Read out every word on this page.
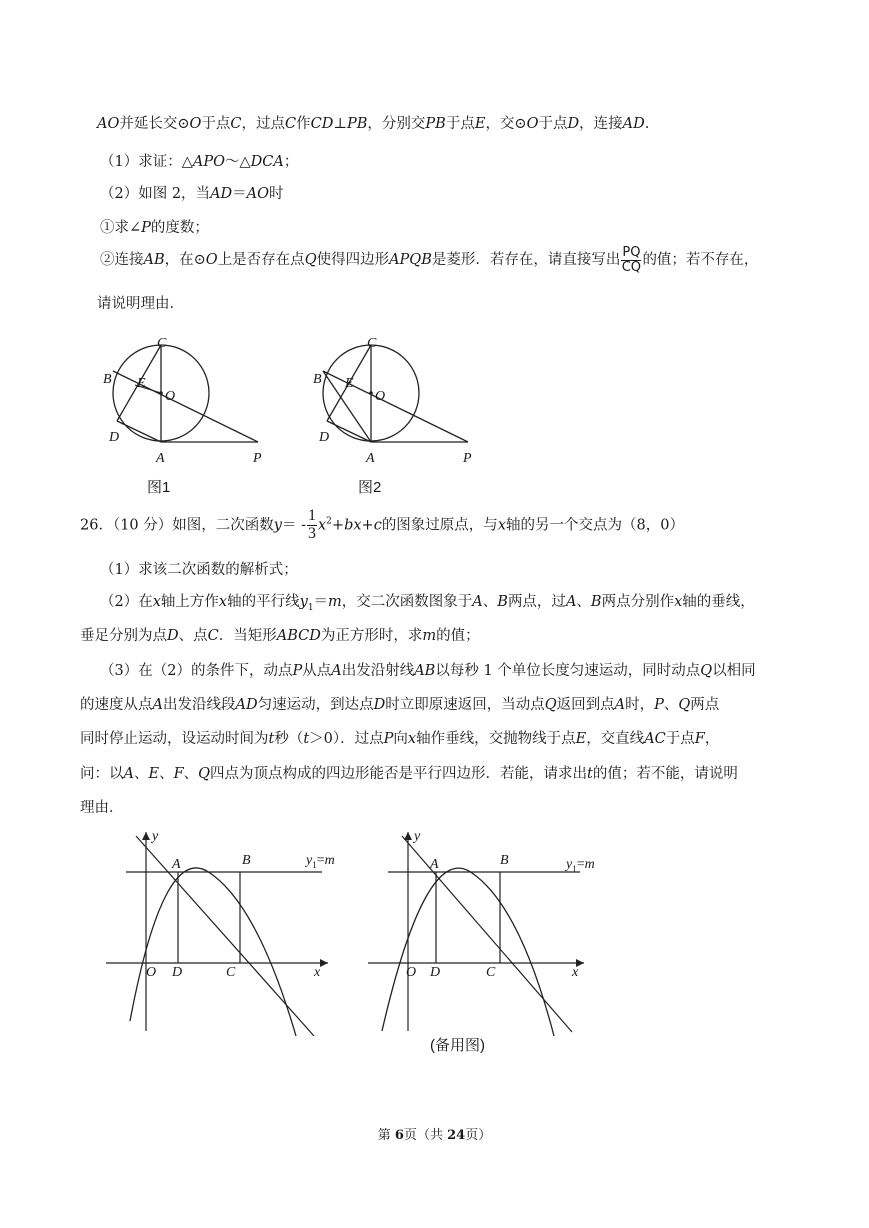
AO并延长交⊙O于点C，过点C作CD⊥PB，分别交PB于点E，交⊙O于点D，连接AD.
（1）求证：△APO～△DCA；
（2）如图 2，当AD＝AO时
①求∠P的度数；
②连接AB，在⊙O上是否存在点Q使得四边形APQB是菱形．若存在，请直接写出 $\frac{PQ}{CQ}$ 的值；若不存在，
请说明理由．
C
B E
O
D
A	P
图1
C
B E
O
D
A	P
图2
26．（10 分）如图，二次函数$y= - \frac{1}{3} x^2+bx+c$的图象过原点，与x轴的另一个交点为（8，0）
（1）求该二次函数的解析式；
（2）在x轴上方作x轴的平行线$y_1=m$，交二次函数图象于A、B两点，过A、B两点分别作x轴的垂线，
垂足分别为点D、点C．当矩形ABCD为正方形时，求m的值；
（3）在（2）的条件下，动点P从点A出发沿射线AB以每秒 1 个单位长度匀速运动，同时动点Q以相同
的速度从点A出发沿线段AD匀速运动，到达点D时立即原速返回，当动点Q返回到点A时，P、Q两点
同时停止运动，设运动时间为t秒（t＞0）．过点P向x轴作垂线，交抛物线于点E，交直线AC于点F，
问：以A、E、F、Q四点为顶点构成的四边形能否是平行四边形．若能，请求出t的值；若不能，请说明
理由．
y
x
O D	C
A	B	$y_1=m$
y
x
O D	C
A	B	$y_1=m$
(备用图)
第 6页（共 24页）
